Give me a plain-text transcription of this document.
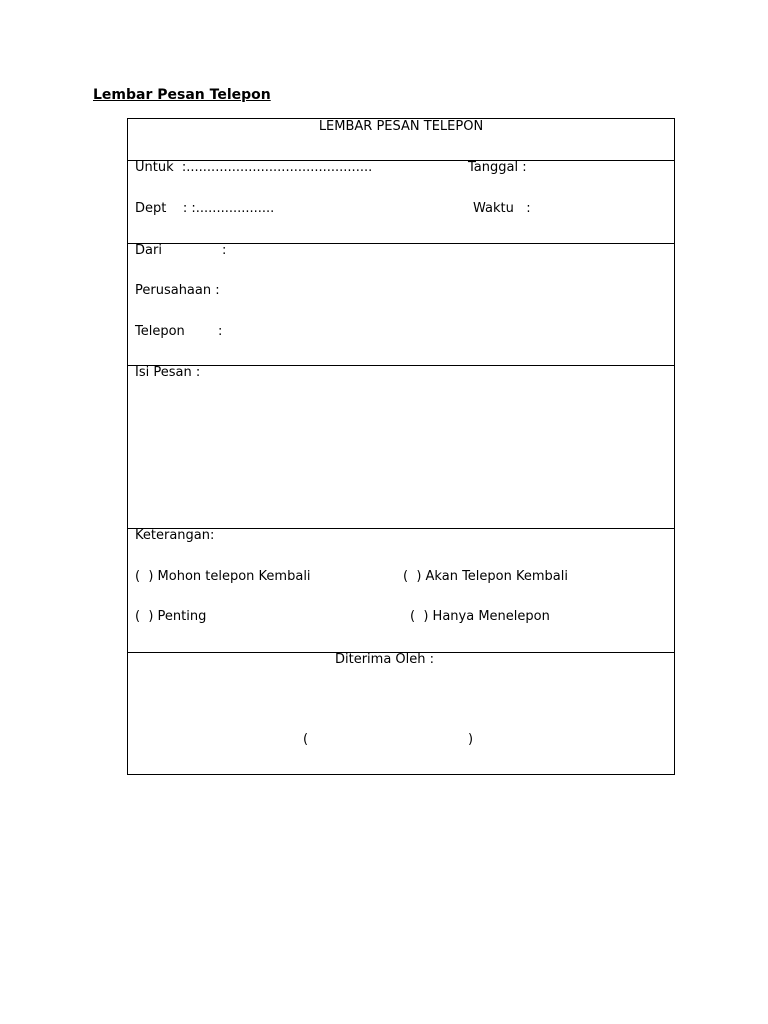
Lembar Pesan Telepon
LEMBAR PESAN TELEPON
Untuk  :.............................................	Tanggal :
Dept    : :...................	Waktu   :
Dari	:
Perusahaan :
Telepon	:
Isi Pesan :
Keterangan:
(  ) Mohon telepon Kembali	(  ) Akan Telepon Kembali
(  ) Penting	(  ) Hanya Menelepon
Diterima Oleh :
(	)
